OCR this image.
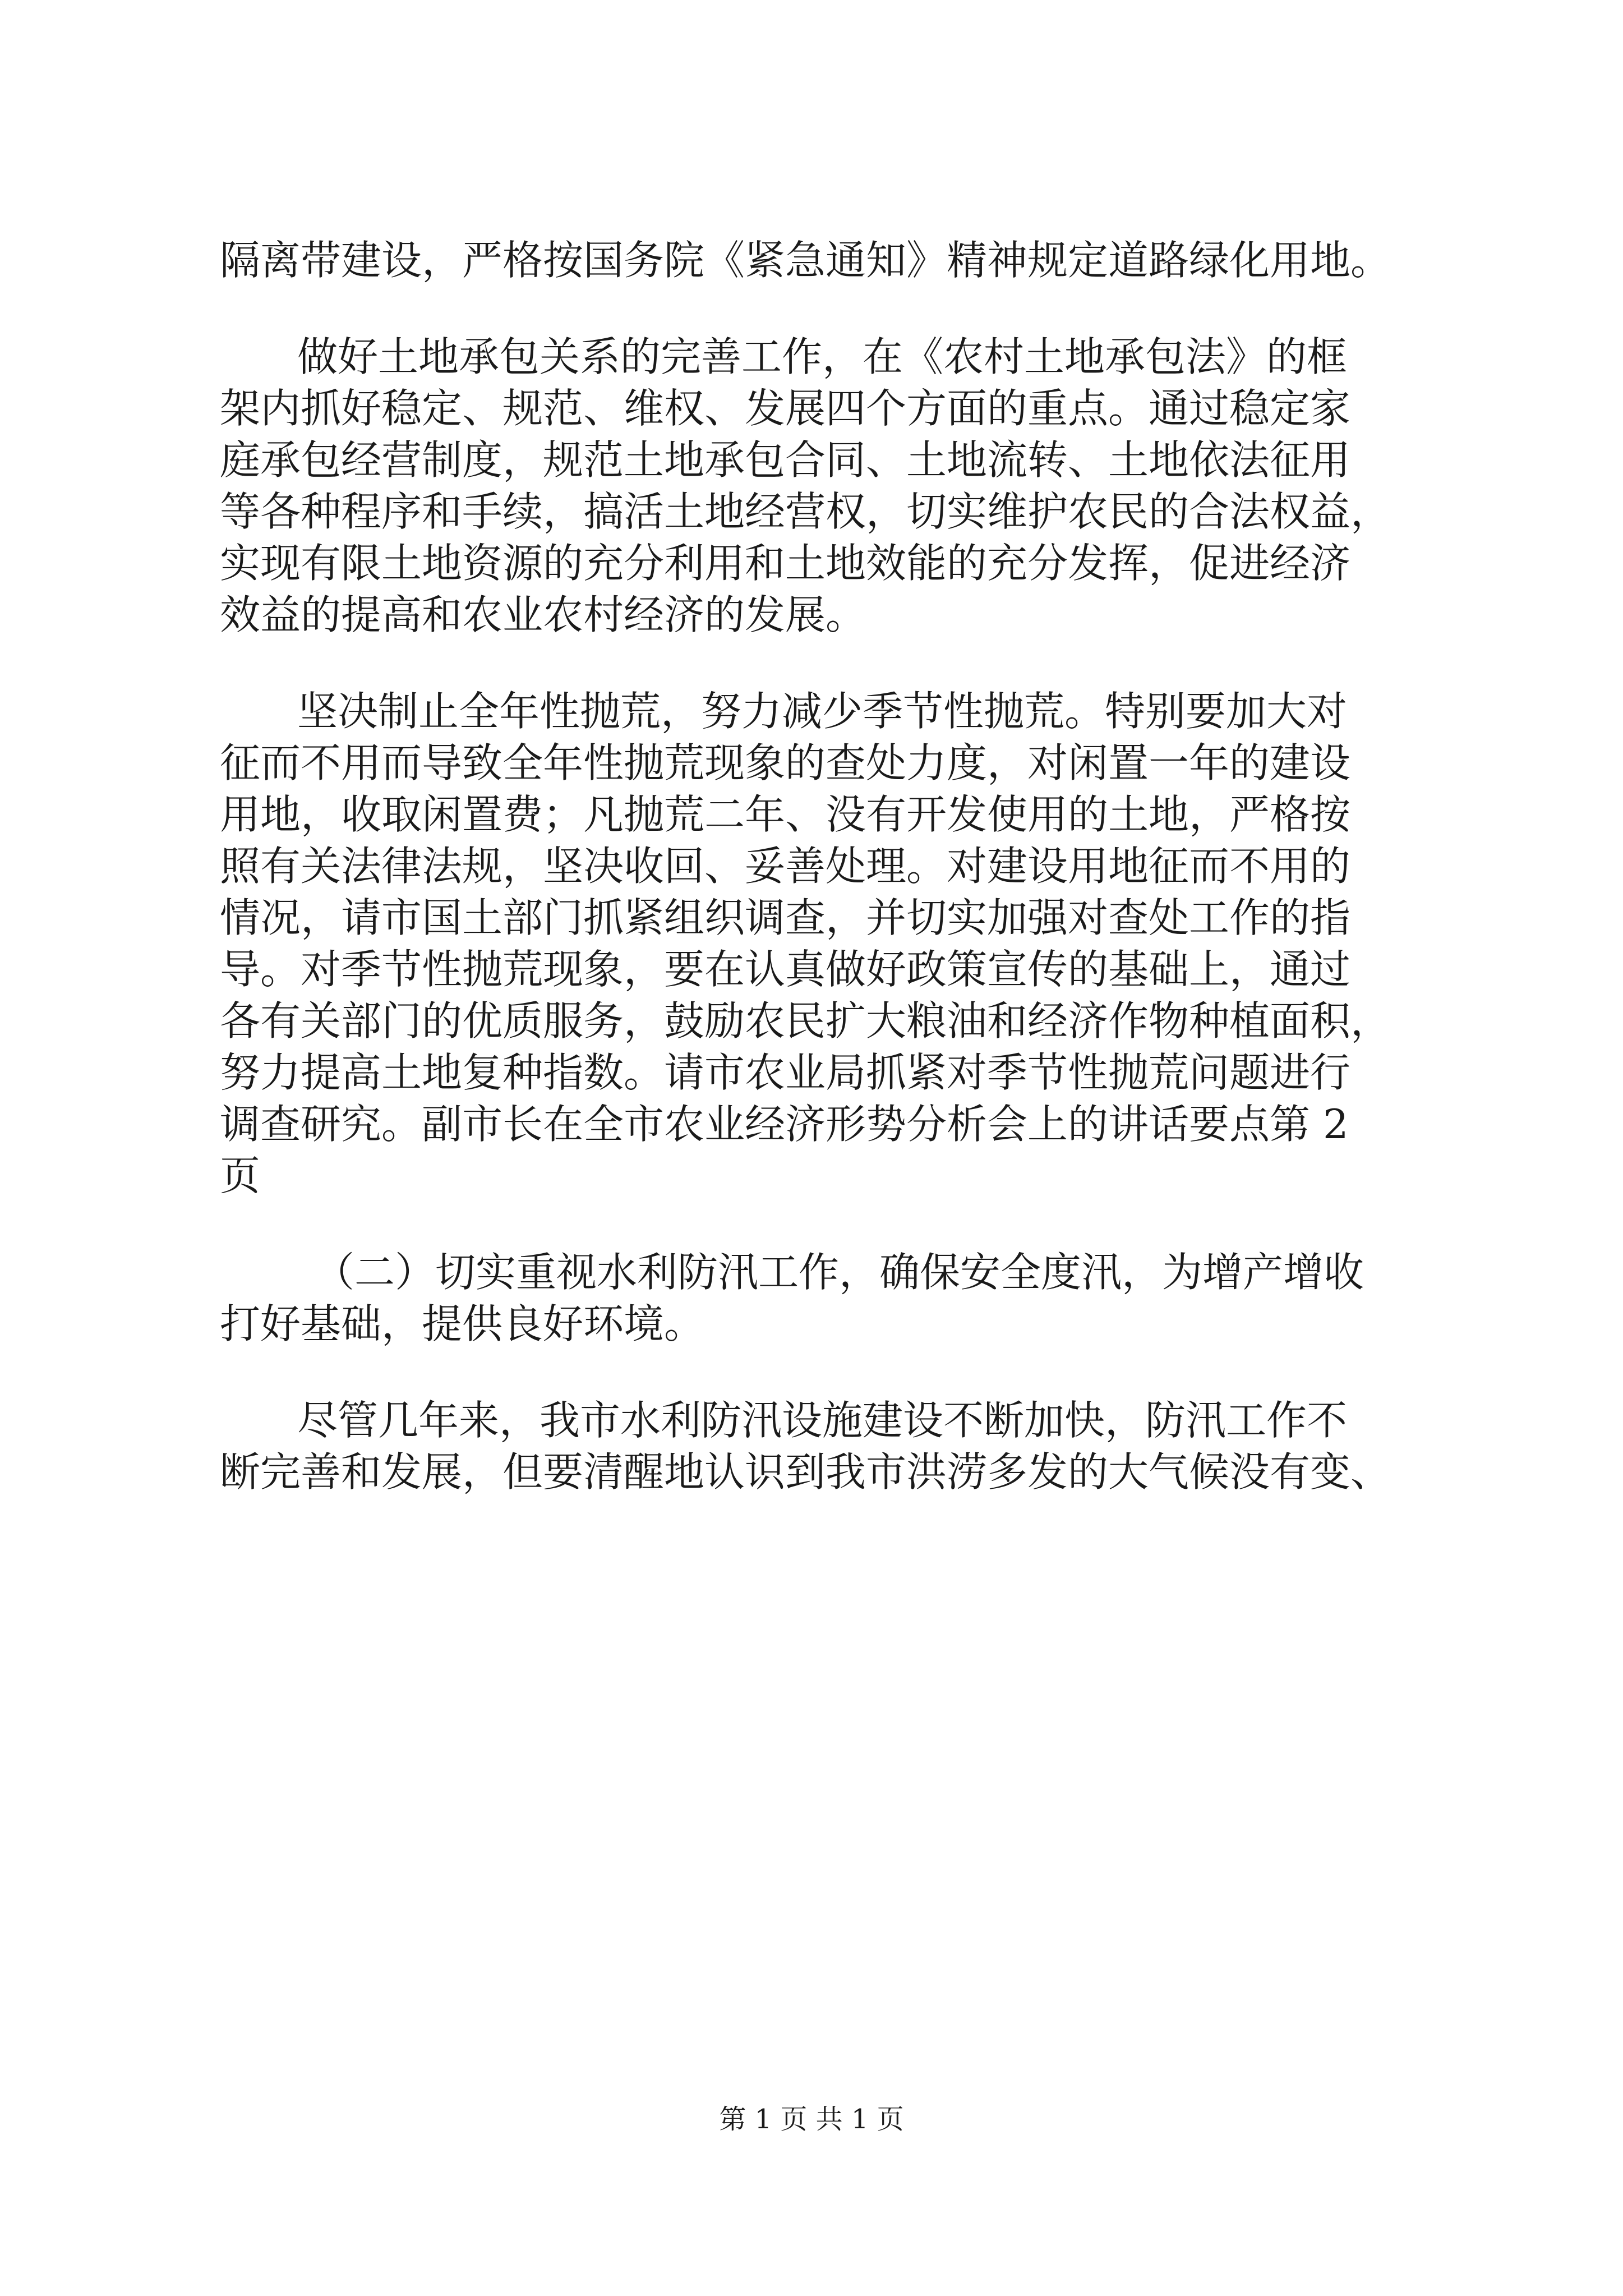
隔离带建设，严格按国务院《紧急通知》精神规定道路绿化用地。

做好土地承包关系的完善工作，在《农村土地承包法》的框

架内抓好稳定、规范、维权、发展四个方面的重点。通过稳定家

庭承包经营制度，规范土地承包合同、土地流转、土地依法征用

等各种程序和手续，搞活土地经营权，切实维护农民的合法权益，

实现有限土地资源的充分利用和土地效能的充分发挥，促进经济

效益的提高和农业农村经济的发展。

坚决制止全年性抛荒，努力减少季节性抛荒。特别要加大对

征而不用而导致全年性抛荒现象的查处力度，对闲置一年的建设

用地，收取闲置费；凡抛荒二年、没有开发使用的土地，严格按

照有关法律法规，坚决收回、妥善处理。对建设用地征而不用的

情况，请市国土部门抓紧组织调查，并切实加强对查处工作的指

导。对季节性抛荒现象，要在认真做好政策宣传的基础上，通过

各有关部门的优质服务，鼓励农民扩大粮油和经济作物种植面积，

努力提高土地复种指数。请市农业局抓紧对季节性抛荒问题进行

调查研究。副市长在全市农业经济形势分析会上的讲话要点第 2

页

（二）切实重视水利防汛工作，确保安全度汛，为增产增收

打好基础，提供良好环境。

尽管几年来，我市水利防汛设施建设不断加快，防汛工作不

断完善和发展，但要清醒地认识到我市洪涝多发的大气候没有变、

第 1 页 共 1 页
